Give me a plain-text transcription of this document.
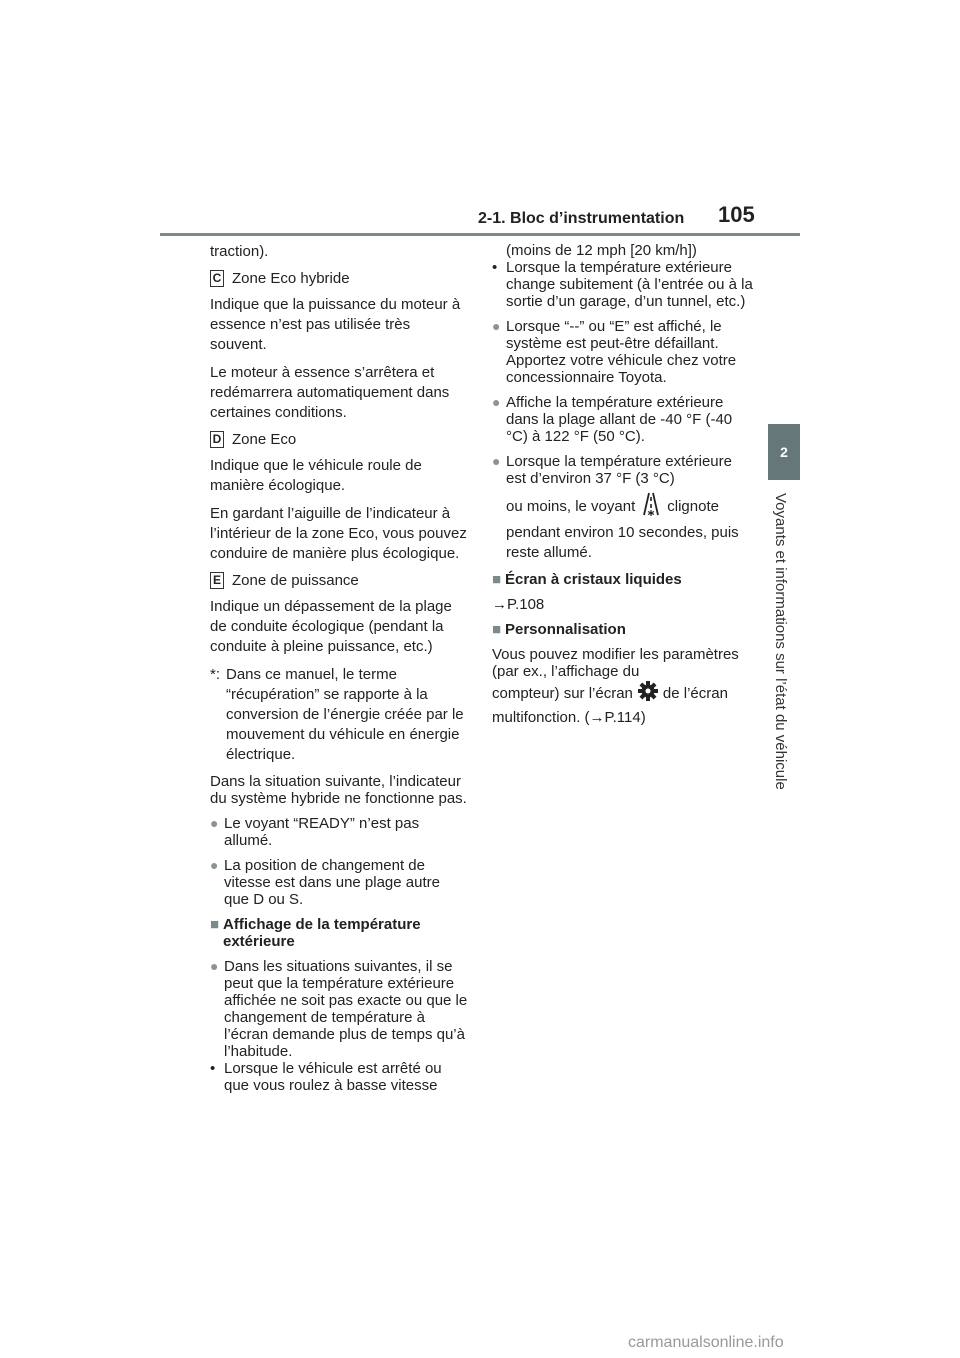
2-1. Bloc d’instrumentation 105
2
Voyants et informations sur l’état du véhicule

traction).

C Zone Eco hybride

Indique que la puissance du moteur à essence n’est pas utilisée très souvent.

Le moteur à essence s’arrêtera et redémarrera automatiquement dans certaines conditions.

D Zone Eco

Indique que le véhicule roule de manière écologique.

En gardant l’aiguille de l’indicateur à l’intérieur de la zone Eco, vous pouvez conduire de manière plus écologique.

E Zone de puissance

Indique un dépassement de la plage de conduite écologique (pendant la conduite à pleine puissance, etc.)

*: Dans ce manuel, le terme “récupération” se rapporte à la conversion de l’énergie créée par le mouvement du véhicule en énergie électrique.

Dans la situation suivante, l’indicateur du système hybride ne fonctionne pas.

● Le voyant “READY” n’est pas allumé.
● La position de changement de vitesse est dans une plage autre que D ou S.
■ Affichage de la température extérieure
● Dans les situations suivantes, il se peut que la température extérieure affichée ne soit pas exacte ou que le changement de température à l’écran demande plus de temps qu’à l’habitude.
• Lorsque le véhicule est arrêté ou que vous roulez à basse vitesse
(moins de 12 mph [20 km/h])
• Lorsque la température extérieure change subitement (à l’entrée ou à la sortie d’un garage, d’un tunnel, etc.)
● Lorsque “--” ou “E” est affiché, le système est peut-être défaillant. Apportez votre véhicule chez votre concessionnaire Toyota.
● Affiche la température extérieure dans la plage allant de -40 °F (-40 °C) à 122 °F (50 °C).
● Lorsque la température extérieure est d’environ 37 °F (3 °C)
ou moins, le voyant clignote pendant environ 10 secondes, puis reste allumé.
■ Écran à cristaux liquides

→P.108

■ Personnalisation

Vous pouvez modifier les paramètres (par ex., l’affichage du

compteur) sur l’écran de l’écran multifonction. (→P.114)

carmanualsonline.info
